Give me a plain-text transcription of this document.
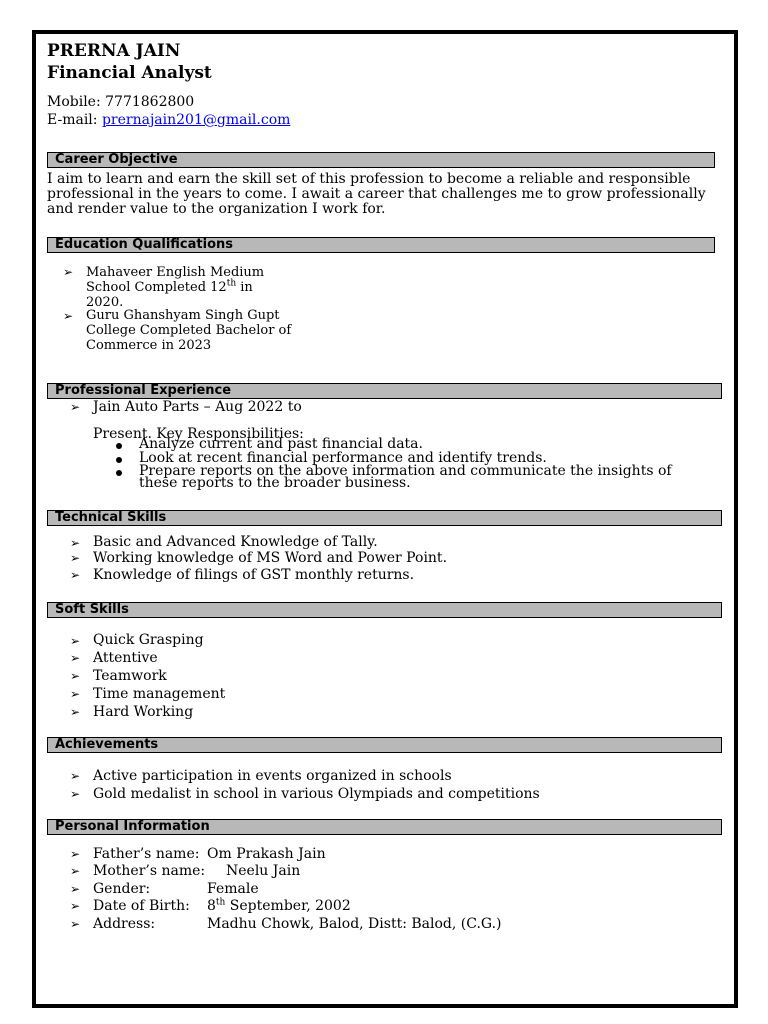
PRERNA JAIN
Financial Analyst
Mobile: 7771862800
E-mail: prernajain201@gmail.com
Career Objective
I aim to learn and earn the skill set of this profession to become a reliable and responsible
professional in the years to come. I await a career that challenges me to grow professionally
and render value to the organization I work for.
Education Qualifications
➢ Mahaveer English Medium
School Completed 12th in
2020.
➢ Guru Ghanshyam Singh Gupt
College Completed Bachelor of
Commerce in 2023
Professional Experience
➢ Jain Auto Parts – Aug 2022 to
Present. Key Responsibilities:
Analyze current and past financial data.
Look at recent financial performance and identify trends.
Prepare reports on the above information and communicate the insights of
these reports to the broader business.
Technical Skills
➢ Basic and Advanced Knowledge of Tally.
➢ Working knowledge of MS Word and Power Point.
➢ Knowledge of filings of GST monthly returns.
Soft Skills
➢ Quick Grasping
➢ Attentive
➢ Teamwork
➢ Time management
➢ Hard Working
Achievements
➢ Active participation in events organized in schools
➢ Gold medalist in school in various Olympiads and competitions
Personal Information
➢ Father’s name: Om Prakash Jain
➢ Mother’s name: Neelu Jain
➢ Gender:	Female
➢ Date of Birth: 8th September, 2002
➢ Address:	Madhu Chowk, Balod, Distt: Balod, (C.G.)
